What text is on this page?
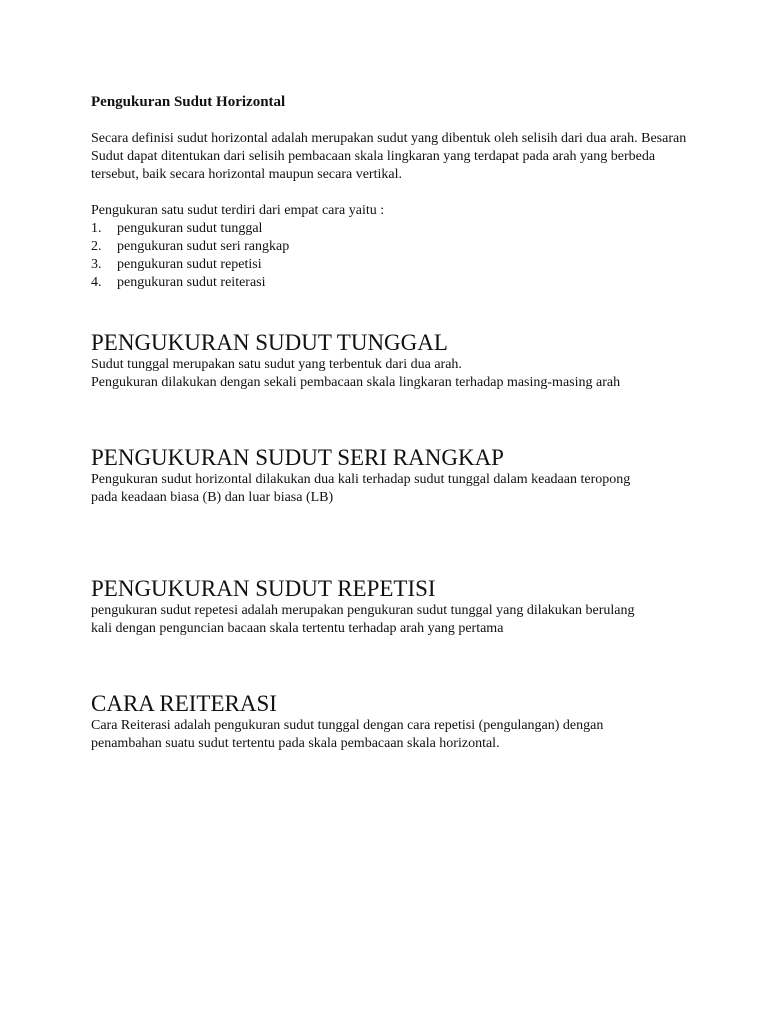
Pengukuran Sudut Horizontal

Secara definisi sudut horizontal adalah merupakan sudut yang dibentuk oleh selisih dari dua arah. Besaran Sudut dapat ditentukan dari selisih pembacaan skala lingkaran yang terdapat pada arah yang berbeda tersebut, baik secara horizontal maupun secara vertikal.

Pengukuran satu sudut terdiri dari empat cara yaitu :

1.	pengukuran sudut tunggal
2.	pengukuran sudut seri rangkap
3.	pengukuran sudut repetisi
4.	pengukuran sudut reiterasi
PENGUKURAN SUDUT TUNGGAL

Sudut tunggal merupakan satu sudut yang terbentuk dari dua arah.

Pengukuran dilakukan dengan sekali pembacaan skala lingkaran terhadap masing-masing arah

PENGUKURAN SUDUT SERI RANGKAP

Pengukuran sudut horizontal dilakukan dua kali terhadap sudut tunggal dalam keadaan teropong

pada keadaan biasa (B) dan luar biasa (LB)

PENGUKURAN SUDUT REPETISI

pengukuran sudut repetesi adalah merupakan pengukuran sudut tunggal yang dilakukan berulang

kali dengan penguncian bacaan skala tertentu terhadap arah yang pertama

CARA REITERASI

Cara Reiterasi adalah pengukuran sudut tunggal dengan cara repetisi (pengulangan) dengan

penambahan suatu sudut tertentu pada skala pembacaan skala horizontal.
